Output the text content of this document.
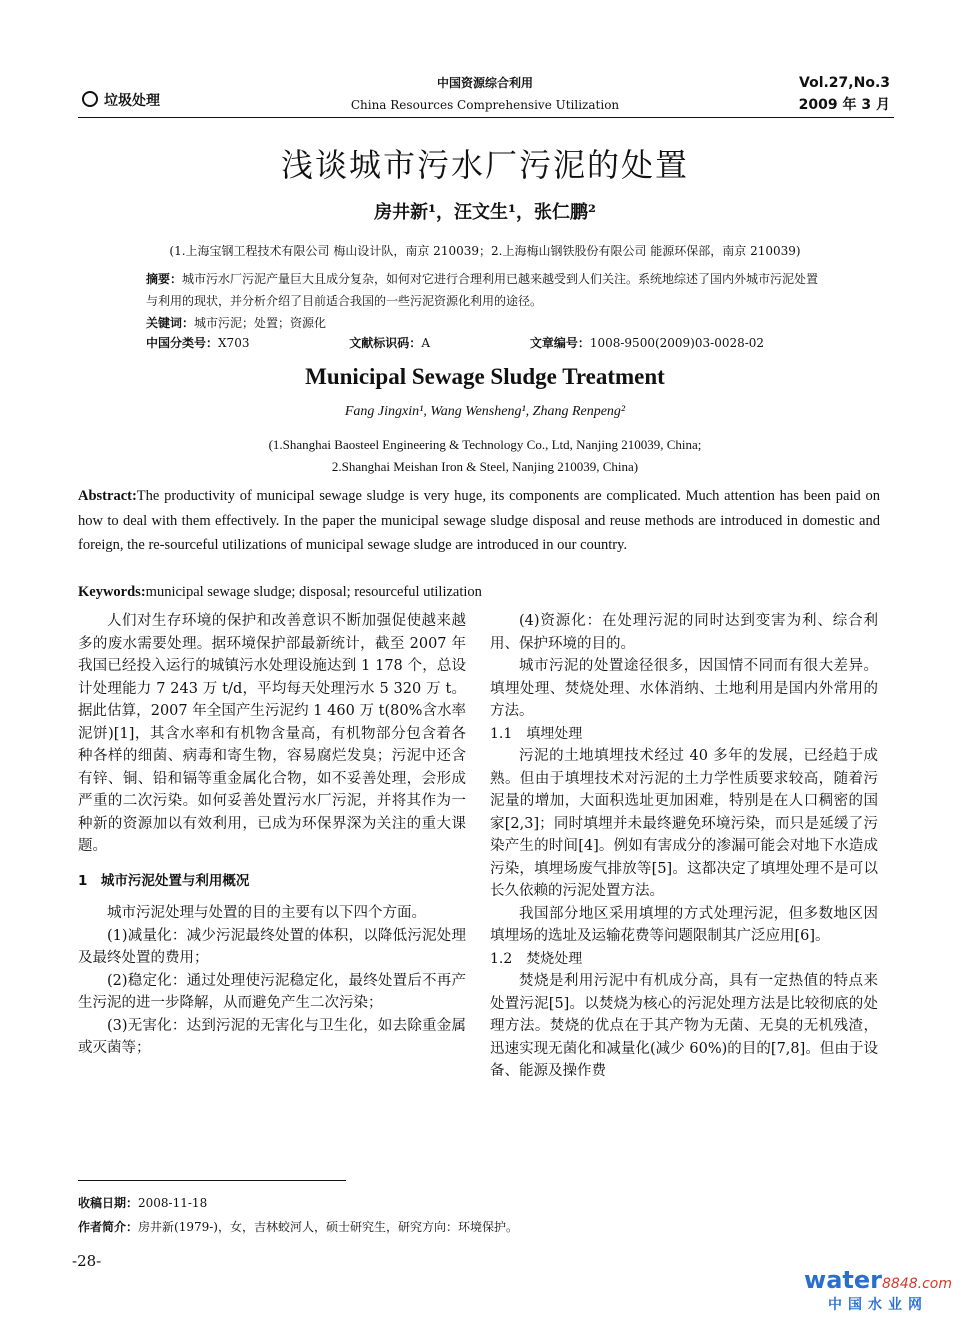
垃圾处理
中国资源综合利用
China Resources Comprehensive Utilization
Vol.27,No.3
2009 年 3 月
浅谈城市污水厂污泥的处置
房井新¹，汪文生¹，张仁鹏²
(1.上海宝钢工程技术有限公司 梅山设计队，南京 210039；2.上海梅山钢铁股份有限公司 能源环保部，南京 210039)
摘要：城市污水厂污泥产量巨大且成分复杂，如何对它进行合理利用已越来越受到人们关注。系统地综述了国内外城市污泥处置与利用的现状，并分析介绍了目前适合我国的一些污泥资源化利用的途径。
关键词：城市污泥；处置；资源化
中国分类号：X703	文献标识码：A	文章编号：1008-9500(2009)03-0028-02
Municipal Sewage Sludge Treatment
Fang Jingxin¹, Wang Wensheng¹, Zhang Renpeng²
(1.Shanghai Baosteel Engineering & Technology Co., Ltd, Nanjing 210039, China;
2.Shanghai Meishan Iron & Steel, Nanjing 210039, China)
Abstract:The productivity of municipal sewage sludge is very huge, its components are complicated. Much attention has been paid on how to deal with them effectively. In the paper the municipal sewage sludge disposal and reuse methods are introduced in domestic and foreign, the re-sourceful utilizations of municipal sewage sludge are introduced in our country.
Keywords:municipal sewage sludge; disposal; resourceful utilization

人们对生存环境的保护和改善意识不断加强促使越来越多的废水需要处理。据环境保护部最新统计，截至 2007 年我国已经投入运行的城镇污水处理设施达到 1 178 个，总设计处理能力 7 243 万 t/d，平均每天处理污水 5 320 万 t。据此估算，2007 年全国产生污泥约 1 460 万 t(80%含水率泥饼)[1]，其含水率和有机物含量高，有机物部分包含着各种各样的细菌、病毒和寄生物，容易腐烂发臭；污泥中还含有锌、铜、铅和镉等重金属化合物，如不妥善处理，会形成严重的二次污染。如何妥善处置污水厂污泥，并将其作为一种新的资源加以有效利用，已成为环保界深为关注的重大课题。

1　城市污泥处置与利用概况

城市污泥处理与处置的目的主要有以下四个方面。

(1)减量化：减少污泥最终处置的体积，以降低污泥处理及最终处置的费用；

(2)稳定化：通过处理使污泥稳定化，最终处置后不再产生污泥的进一步降解，从而避免产生二次污染；

(3)无害化：达到污泥的无害化与卫生化，如去除重金属或灭菌等；

(4)资源化：在处理污泥的同时达到变害为利、综合利用、保护环境的目的。

城市污泥的处置途径很多，因国情不同而有很大差异。填埋处理、焚烧处理、水体消纳、土地利用是国内外常用的方法。

1.1　填埋处理

污泥的土地填埋技术经过 40 多年的发展，已经趋于成熟。但由于填埋技术对污泥的土力学性质要求较高，随着污泥量的增加，大面积选址更加困难，特别是在人口稠密的国家[2,3]；同时填埋并未最终避免环境污染，而只是延缓了污染产生的时间[4]。例如有害成分的渗漏可能会对地下水造成污染，填埋场废气排放等[5]。这都决定了填埋处理不是可以长久依赖的污泥处置方法。

我国部分地区采用填埋的方式处理污泥，但多数地区因填埋场的选址及运输花费等问题限制其广泛应用[6]。

1.2　焚烧处理

焚烧是利用污泥中有机成分高，具有一定热值的特点来处置污泥[5]。以焚烧为核心的污泥处理方法是比较彻底的处理方法。焚烧的优点在于其产物为无菌、无臭的无机残渣，迅速实现无菌化和减量化(减少 60%)的目的[7,8]。但由于设备、能源及操作费

收稿日期：2008-11-18
作者简介：房井新(1979-)，女，吉林蛟河人，硕士研究生，研究方向：环境保护。
-28-
water8848.com
中国水业网
